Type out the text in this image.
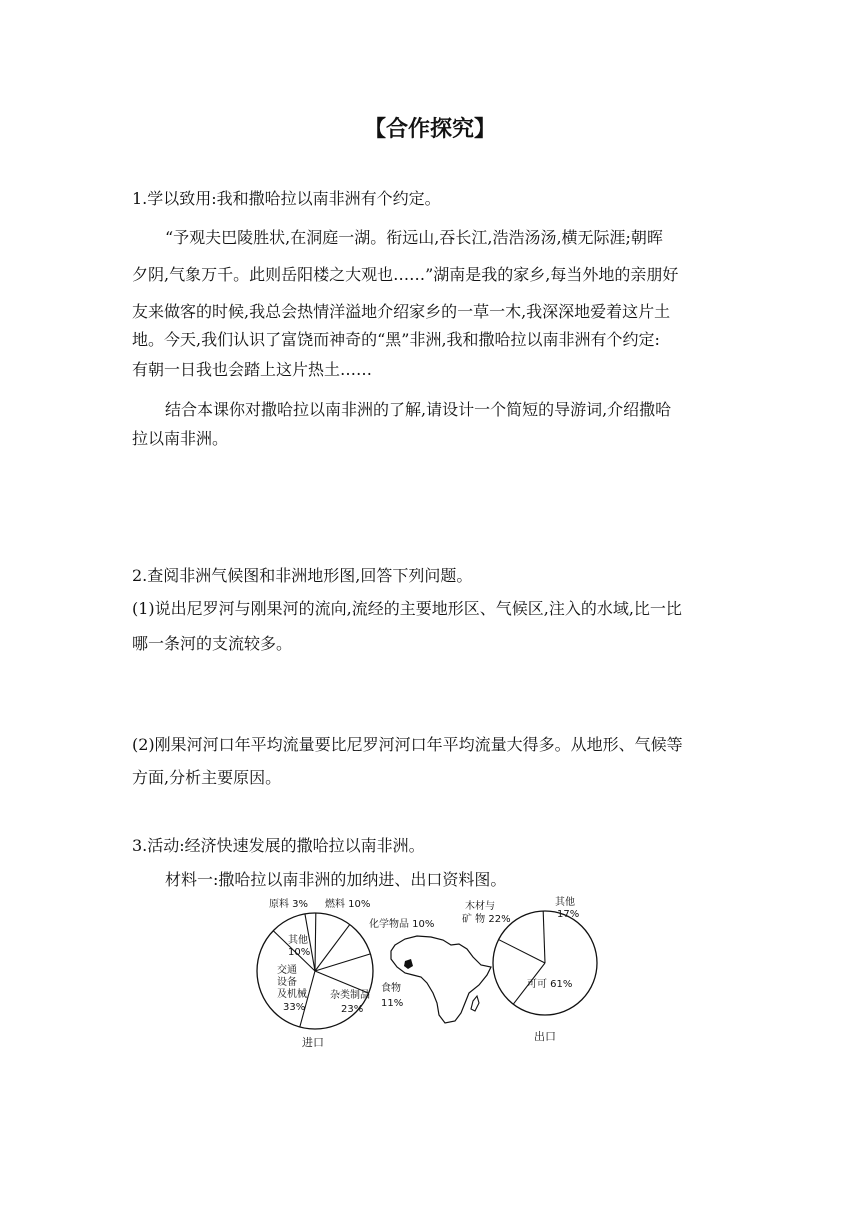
【合作探究】
1.学以致用:我和撒哈拉以南非洲有个约定。
“予观夫巴陵胜状,在洞庭一湖。衔远山,吞长江,浩浩汤汤,横无际涯;朝晖
夕阴,气象万千。此则岳阳楼之大观也……”湖南是我的家乡,每当外地的亲朋好
友来做客的时候,我总会热情洋溢地介绍家乡的一草一木,我深深地爱着这片土
地。今天,我们认识了富饶而神奇的“黑”非洲,我和撒哈拉以南非洲有个约定:
有朝一日我也会踏上这片热土……
结合本课你对撒哈拉以南非洲的了解,请设计一个简短的导游词,介绍撒哈
拉以南非洲。
2.查阅非洲气候图和非洲地形图,回答下列问题。
(1)说出尼罗河与刚果河的流向,流经的主要地形区、气候区,注入的水域,比一比
哪一条河的支流较多。
(2)刚果河河口年平均流量要比尼罗河河口年平均流量大得多。从地形、气候等
方面,分析主要原因。
3.活动:经济快速发展的撒哈拉以南非洲。
材料一:撒哈拉以南非洲的加纳进、出口资料图。
原料 3% 燃料 10%
化学物品 10%
其他
10%
交通
设备
及机械
33%
杂类制品
23%
食物
11%
木材与
矿 物 22%
其他
17%
可可 61%
进口	出口
